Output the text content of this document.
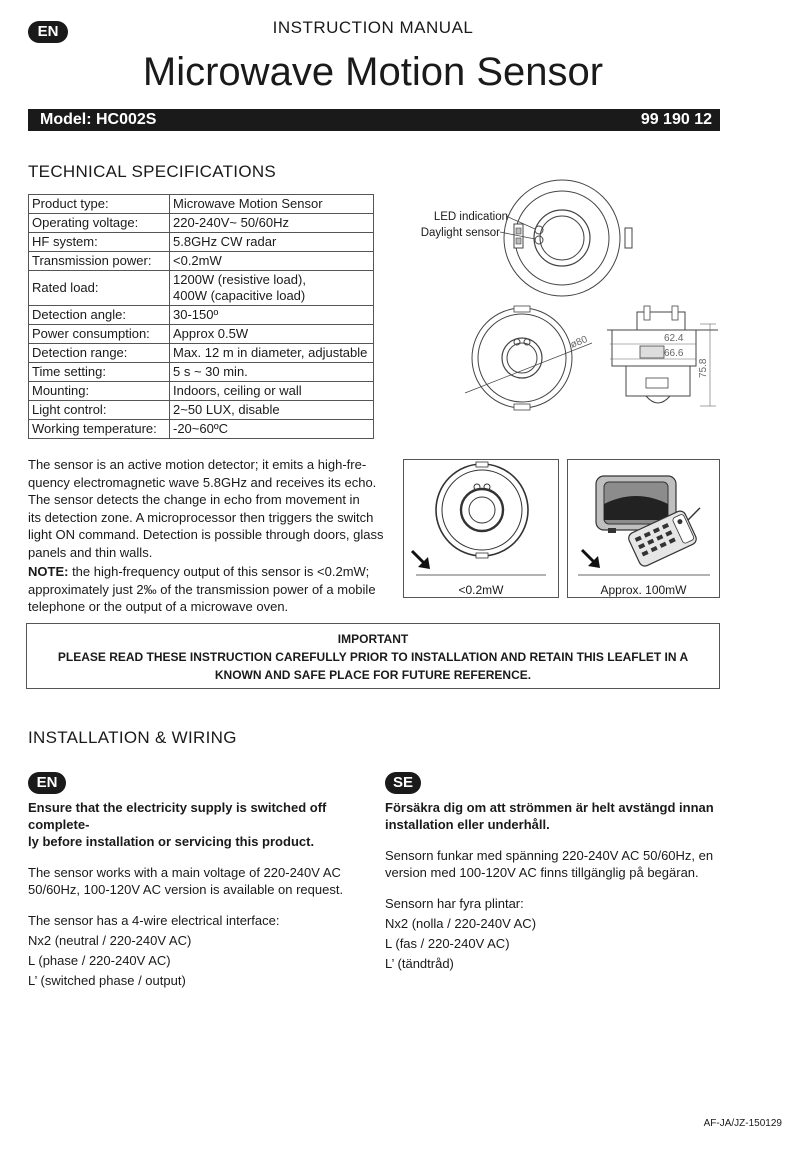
EN	INSTRUCTION MANUAL
Microwave Motion Sensor
Model: HC002S	99 190 12
TECHNICAL SPECIFICATIONS
Product type:	Microwave Motion Sensor
Operating voltage:	220-240V~ 50/60Hz
HF system:	5.8GHz CW radar
Transmission power:	<0.2mW
Rated load:	1200W (resistive load),
400W (capacitive load)

Detection angle:	30-150º
Power consumption:	Approx 0.5W
Detection range:	Max. 12 m in diameter, adjustable
Time setting:	5 s ~ 30 min.
Mounting:	Indoors, ceiling or wall
Light control:	2~50 LUX, disable
Working temperature:	-20~60ºC
LED indication
Daylight sensor
ø80	62.4
66.6
75.8
The sensor is an active motion detector; it emits a high-fre-
quency electromagnetic wave 5.8GHz and receives its echo.
The sensor detects the change in echo from movement in
its detection zone. A microprocessor then triggers the switch
light ON command. Detection is possible through doors, glass
panels and thin walls.
NOTE: the high-frequency output of this sensor is <0.2mW;
approximately just 2‰ of the transmission power of a mobile
telephone or the output of a microwave oven.
<0.2mW	Approx. 100mW
IMPORTANT
PLEASE READ THESE INSTRUCTION CAREFULLY PRIOR TO INSTALLATION AND RETAIN THIS LEAFLET IN A
KNOWN AND SAFE PLACE FOR FUTURE REFERENCE.
INSTALLATION & WIRING
EN
Ensure that the electricity supply is switched off complete-
ly before installation or servicing this product.
The sensor works with a main voltage of 220-240V AC
50/60Hz, 100-120V AC version is available on request.
The sensor has a 4-wire electrical interface:
Nx2 (neutral / 220-240V AC)
L (phase / 220-240V AC)
L’ (switched phase / output)
SE
Försäkra dig om att strömmen är helt avstängd innan
installation eller underhåll.
Sensorn funkar med spänning 220-240V AC 50/60Hz, en
version med 100-120V AC finns tillgänglig på begäran.
Sensorn har fyra plintar:
Nx2 (nolla / 220-240V AC)
L (fas / 220-240V AC)
L’ (tändtråd)
AF-JA/JZ-150129
